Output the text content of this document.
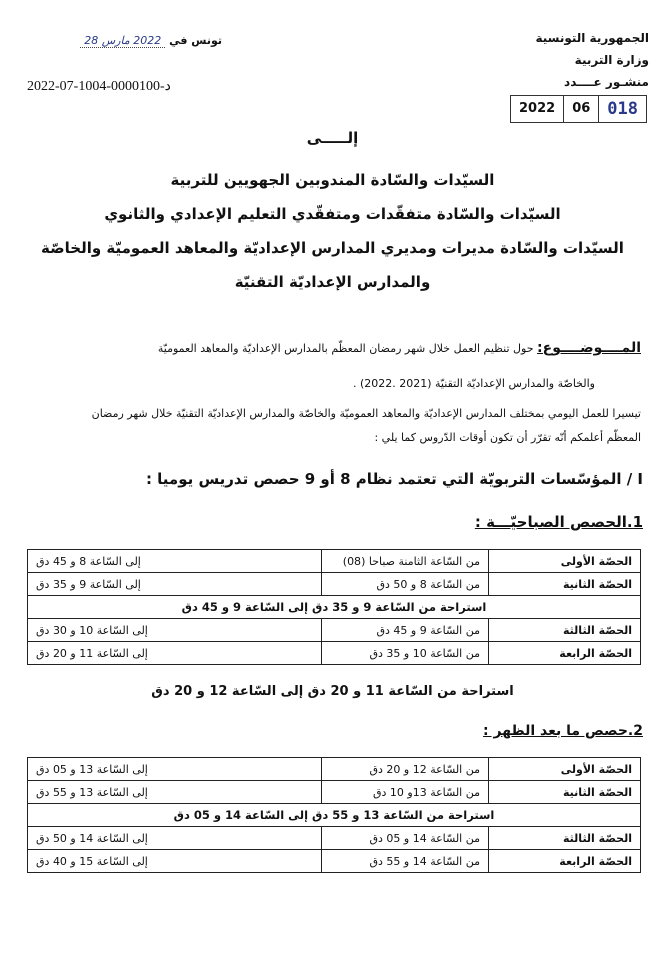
الجمهورية التونسية
وزارة التربية
منشـور عــــدد
2022	06	018
تونس في 2022 مارس 28
د-0000100-1004-07-2022
إلـــــى
السيّدات والسّادة المندوبين الجهويين للتربية
السيّدات والسّادة متفقّدات ومتفقّدي التعليم الإعدادي والثانوي
السيّدات والسّادة مديرات ومديري المدارس الإعداديّة والمعاهد العموميّة والخاصّة
والمدارس الإعداديّة التقنيّة
المــــوضــــوع: حول تنظيم العمل خلال شهر رمضان المعظّم بالمدارس الإعداديّة والمعاهد العموميّة
والخاصّة والمدارس الإعداديّة التقنيّة (2021 .2022) .
تيسيرا للعمل اليومي بمختلف المدارس الإعداديّة والمعاهد العموميّة والخاصّة والمدارس الإعداديّة التقنيّة خلال شهر رمضان
المعظّم أعلمكم أنّه تقرّر أن تكون أوقات الدّروس كما يلي :
I / المؤسّسات التربويّة التي تعتمد نظام 8 أو 9 حصص تدريس يوميا :
1.الحصص الصباحيّـــة :
الحصّة الأولى	من السّاعة الثامنة صباحا (08)	إلى السّاعة 8 و 45 دق
الحصّة الثانية	من السّاعة 8 و 50 دق	إلى السّاعة 9 و 35 دق
استراحة من السّاعة 9 و 35 دق إلى السّاعة 9 و 45 دق		
الحصّة الثالثة	من السّاعة 9 و 45 دق	إلى السّاعة 10 و 30 دق
الحصّة الرابعة	من السّاعة 10 و 35 دق	إلى السّاعة 11 و 20 دق
استراحة من السّاعة 11 و 20 دق إلى السّاعة 12 و 20 دق
2.حصص ما بعد الظهر :
الحصّة الأولى	من السّاعة 12 و 20 دق	إلى السّاعة 13 و 05 دق
الحصّة الثانية	من السّاعة 13و 10 دق	إلى السّاعة 13 و 55 دق
استراحة من السّاعة 13 و 55 دق إلى السّاعة 14 و 05 دق		
الحصّة الثالثة	من السّاعة 14 و 05 دق	إلى السّاعة 14 و 50 دق
الحصّة الرابعة	من السّاعة 14 و 55 دق	إلى السّاعة 15 و 40 دق
